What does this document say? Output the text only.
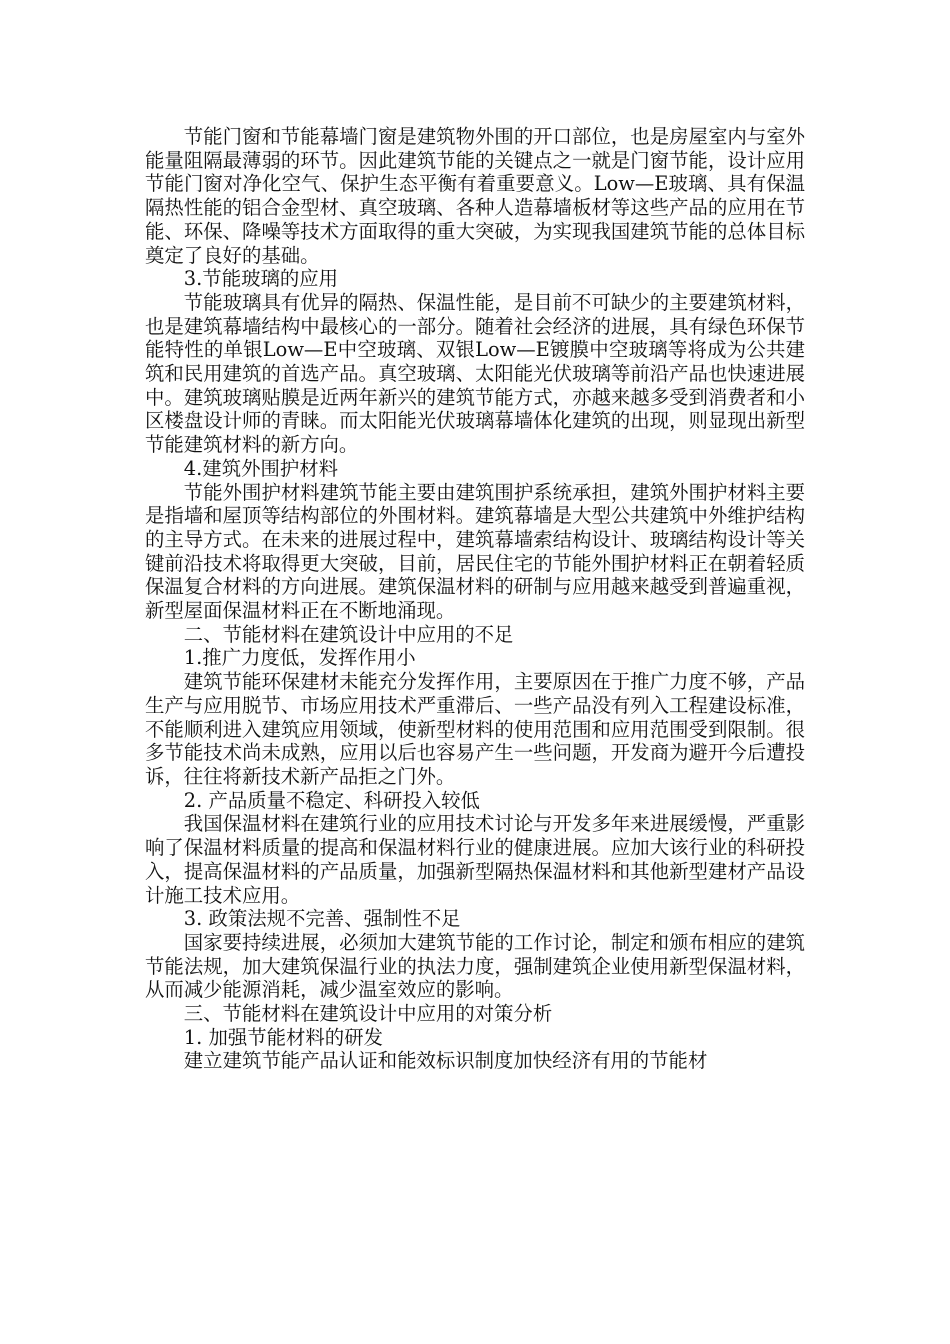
节能门窗和节能幕墙门窗是建筑物外围的开口部位，也是房屋室内与室外能量阻隔最薄弱的环节。因此建筑节能的关键点之一就是门窗节能，设计应用节能门窗对净化空气、保护生态平衡有着重要意义。Low—E玻璃、具有保温隔热性能的铝合金型材、真空玻璃、各种人造幕墙板材等这些产品的应用在节能、环保、降噪等技术方面取得的重大突破，为实现我国建筑节能的总体目标奠定了良好的基础。

3.节能玻璃的应用

节能玻璃具有优异的隔热、保温性能，是目前不可缺少的主要建筑材料，也是建筑幕墙结构中最核心的一部分。随着社会经济的进展，具有绿色环保节能特性的单银Low—E中空玻璃、双银Low—E镀膜中空玻璃等将成为公共建筑和民用建筑的首选产品。真空玻璃、太阳能光伏玻璃等前沿产品也快速进展中。建筑玻璃贴膜是近两年新兴的建筑节能方式，亦越来越多受到消费者和小区楼盘设计师的青睐。而太阳能光伏玻璃幕墙体化建筑的出现，则显现出新型节能建筑材料的新方向。

4.建筑外围护材料

节能外围护材料建筑节能主要由建筑围护系统承担，建筑外围护材料主要是指墙和屋顶等结构部位的外围材料。建筑幕墙是大型公共建筑中外维护结构的主导方式。在未来的进展过程中，建筑幕墙索结构设计、玻璃结构设计等关键前沿技术将取得更大突破，目前，居民住宅的节能外围护材料正在朝着轻质保温复合材料的方向进展。建筑保温材料的研制与应用越来越受到普遍重视，新型屋面保温材料正在不断地涌现。

二、节能材料在建筑设计中应用的不足

1.推广力度低，发挥作用小

建筑节能环保建材未能充分发挥作用，主要原因在于推广力度不够，产品生产与应用脱节、市场应用技术严重滞后、一些产品没有列入工程建设标准，不能顺利进入建筑应用领域，使新型材料的使用范围和应用范围受到限制。很多节能技术尚未成熟，应用以后也容易产生一些问题，开发商为避开今后遭投诉，往往将新技术新产品拒之门外。

2. 产品质量不稳定、科研投入较低

我国保温材料在建筑行业的应用技术讨论与开发多年来进展缓慢，严重影响了保温材料质量的提高和保温材料行业的健康进展。应加大该行业的科研投入，提高保温材料的产品质量，加强新型隔热保温材料和其他新型建材产品设计施工技术应用。

3. 政策法规不完善、强制性不足

国家要持续进展，必须加大建筑节能的工作讨论，制定和颁布相应的建筑节能法规，加大建筑保温行业的执法力度，强制建筑企业使用新型保温材料，从而减少能源消耗，减少温室效应的影响。

三、节能材料在建筑设计中应用的对策分析

1. 加强节能材料的研发

建立建筑节能产品认证和能效标识制度加快经济有用的节能材
